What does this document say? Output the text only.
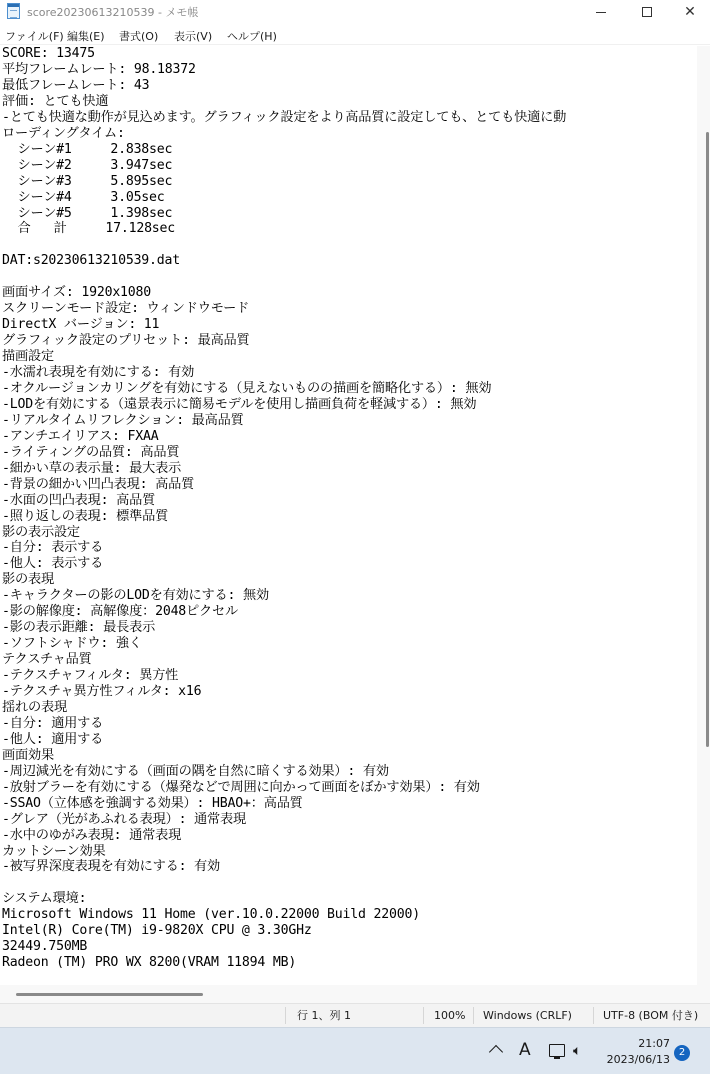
score20230613210539 - メモ帳	✕
ファイル(F) 編集(E) 書式(O) 表示(V) ヘルプ(H)
SCORE: 13475
平均フレームレート: 98.18372
最低フレームレート: 43
評価: とても快適
-とても快適な動作が見込めます。グラフィック設定をより高品質に設定しても、とても快適に動
ローディングタイム:
シーン#1     2.838sec
シーン#2     3.947sec
シーン#3     5.895sec
シーン#4     3.05sec
シーン#5     1.398sec
合   計     17.128sec
DAT:s20230613210539.dat
画面サイズ: 1920x1080
スクリーンモード設定: ウィンドウモード
DirectX バージョン: 11
グラフィック設定のプリセット: 最高品質
描画設定
-水濡れ表現を有効にする: 有効
-オクルージョンカリングを有効にする（見えないものの描画を簡略化する）: 無効
-LODを有効にする（遠景表示に簡易モデルを使用し描画負荷を軽減する）: 無効
-リアルタイムリフレクション: 最高品質
-アンチエイリアス: FXAA
-ライティングの品質: 高品質
-細かい草の表示量: 最大表示
-背景の細かい凹凸表現: 高品質
-水面の凹凸表現: 高品質
-照り返しの表現: 標準品質
影の表示設定
-自分: 表示する
-他人: 表示する
影の表現
-キャラクターの影のLODを有効にする: 無効
-影の解像度: 高解像度：2048ピクセル
-影の表示距離: 最長表示
-ソフトシャドウ: 強く
テクスチャ品質
-テクスチャフィルタ: 異方性
-テクスチャ異方性フィルタ: x16
揺れの表現
-自分: 適用する
-他人: 適用する
画面効果
-周辺減光を有効にする（画面の隅を自然に暗くする効果）: 有効
-放射ブラーを有効にする（爆発などで周囲に向かって画面をぼかす効果）: 有効
-SSAO（立体感を強調する効果）: HBAO+：高品質
-グレア（光があふれる表現）: 通常表現
-水中のゆがみ表現: 通常表現
カットシーン効果
-被写界深度表現を有効にする: 有効
システム環境:
Microsoft Windows 11 Home (ver.10.0.22000 Build 22000)
Intel(R) Core(TM) i9-9820X CPU @ 3.30GHz
32449.750MB
Radeon (TM) PRO WX 8200(VRAM 11894 MB)
行 1、列 1	100% Windows (CRLF)	UTF-8 (BOM 付き)
A	🔈︎	21:07
2023/06/13
2
